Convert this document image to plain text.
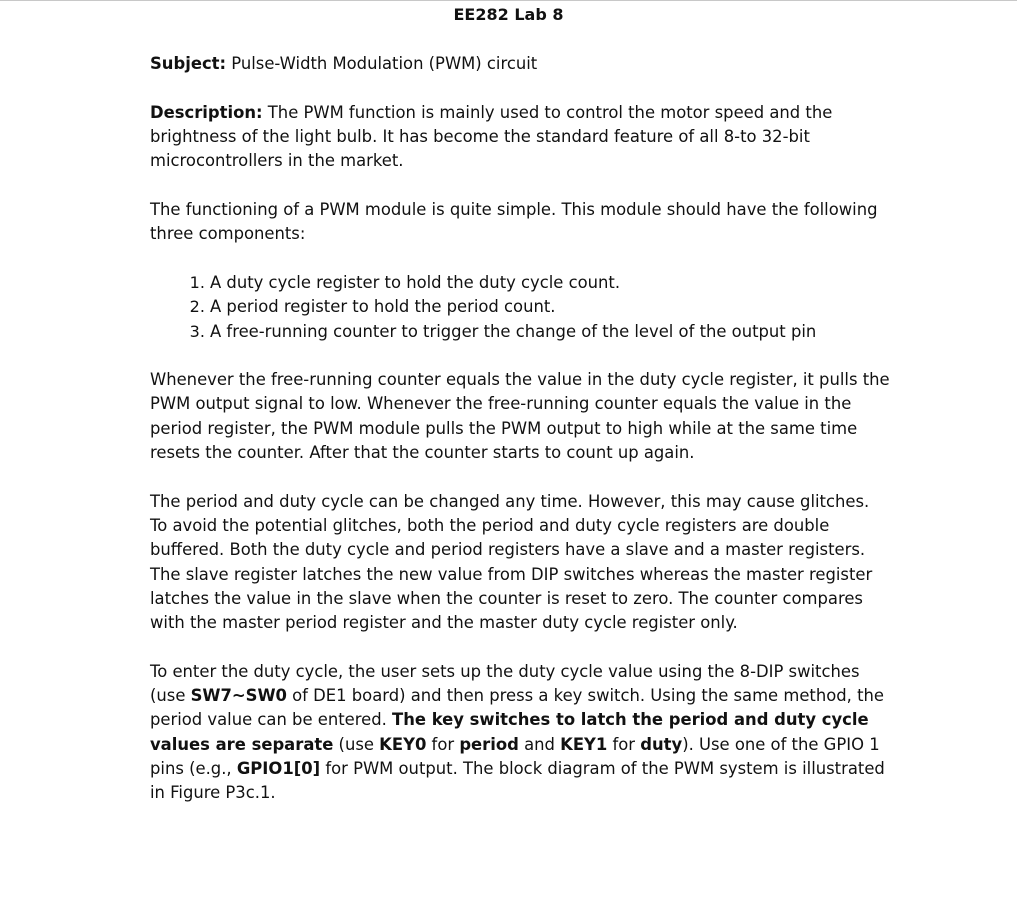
EE282 Lab 8

Subject: Pulse-Width Modulation (PWM) circuit

Description: The PWM function is mainly used to control the motor speed and the brightness of the light bulb. It has become the standard feature of all 8-to 32-bit microcontrollers in the market.

The functioning of a PWM module is quite simple. This module should have the following three components:

1. A duty cycle register to hold the duty cycle count.
2. A period register to hold the period count.
3. A free-running counter to trigger the change of the level of the output pin

Whenever the free-running counter equals the value in the duty cycle register, it pulls the PWM output signal to low. Whenever the free-running counter equals the value in the period register, the PWM module pulls the PWM output to high while at the same time resets the counter. After that the counter starts to count up again.

The period and duty cycle can be changed any time. However, this may cause glitches. To avoid the potential glitches, both the period and duty cycle registers are double buffered. Both the duty cycle and period registers have a slave and a master registers. The slave register latches the new value from DIP switches whereas the master register latches the value in the slave when the counter is reset to zero. The counter compares with the master period register and the master duty cycle register only.

To enter the duty cycle, the user sets up the duty cycle value using the 8-DIP switches (use SW7~SW0 of DE1 board) and then press a key switch. Using the same method, the period value can be entered. The key switches to latch the period and duty cycle values are separate (use KEY0 for period and KEY1 for duty). Use one of the GPIO 1 pins (e.g., GPIO1[0] for PWM output. The block diagram of the PWM system is illustrated in Figure P3c.1.
